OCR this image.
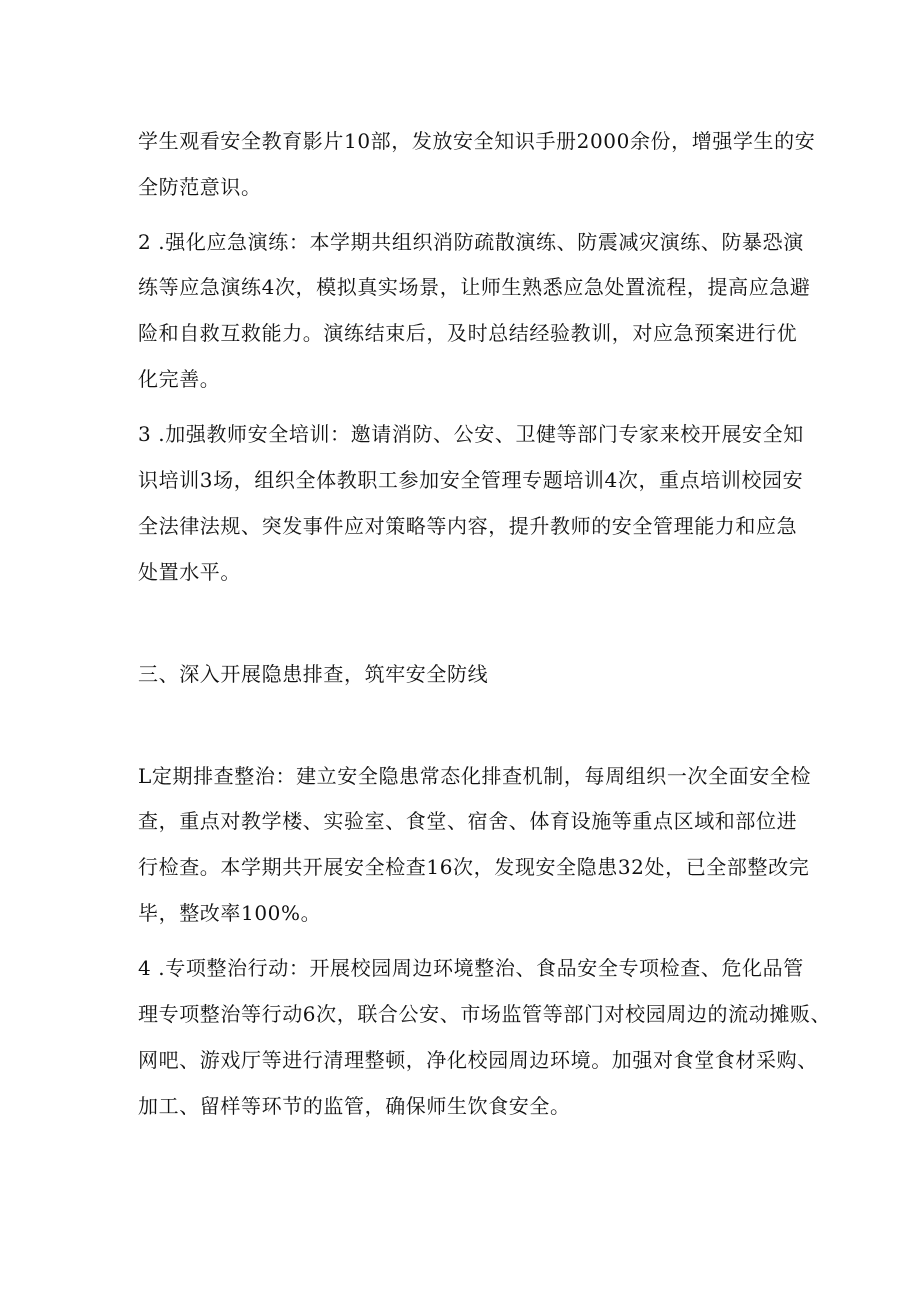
学生观看安全教育影片10部，发放安全知识手册2000余份，增强学生的安
全防范意识。
2 .强化应急演练：本学期共组织消防疏散演练、防震减灾演练、防暴恐演
练等应急演练4次，模拟真实场景，让师生熟悉应急处置流程，提高应急避
险和自救互救能力。演练结束后，及时总结经验教训，对应急预案进行优
化完善。
3 .加强教师安全培训：邀请消防、公安、卫健等部门专家来校开展安全知
识培训3场，组织全体教职工参加安全管理专题培训4次，重点培训校园安
全法律法规、突发事件应对策略等内容，提升教师的安全管理能力和应急
处置水平。
三、深入开展隐患排查，筑牢安全防线
L定期排查整治：建立安全隐患常态化排查机制，每周组织一次全面安全检
查，重点对教学楼、实验室、食堂、宿舍、体育设施等重点区域和部位进
行检查。本学期共开展安全检查16次，发现安全隐患32处，已全部整改完
毕，整改率100%。
4 .专项整治行动：开展校园周边环境整治、食品安全专项检查、危化品管
理专项整治等行动6次，联合公安、市场监管等部门对校园周边的流动摊贩、
网吧、游戏厅等进行清理整顿，净化校园周边环境。加强对食堂食材采购、
加工、留样等环节的监管，确保师生饮食安全。
